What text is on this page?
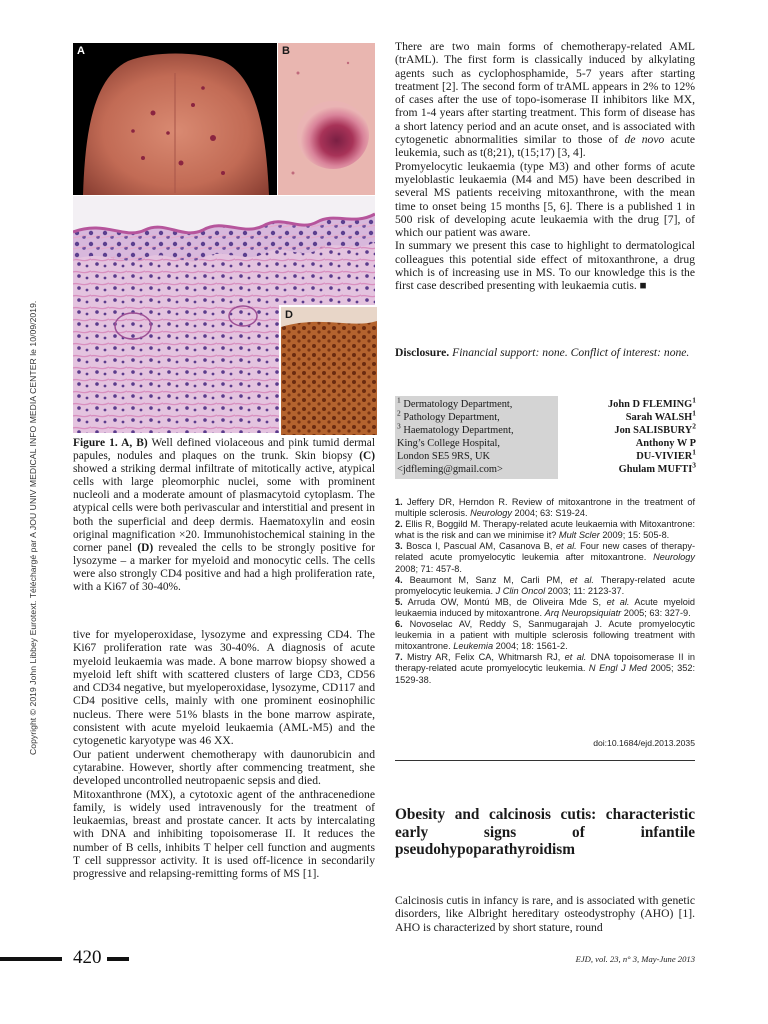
Copyright © 2019 John Libbey Eurotext. Téléchargé par A JOU UNIV MEDICAL INFO MEDIA CENTER le 10/09/2019.
A	B
D

Figure 1. A, B) Well defined violaceous and pink tumid dermal papules, nodules and plaques on the trunk. Skin biopsy (C) showed a striking dermal infiltrate of mitotically active, atypical cells with large pleomorphic nuclei, some with prominent nucleoli and a moderate amount of plasmacytoid cytoplasm. The atypical cells were both perivascular and interstitial and present in both the superficial and deep dermis. Haematoxylin and eosin original magnification ×20. Immunohistochemical staining in the corner panel (D) revealed the cells to be strongly positive for lysozyme – a marker for myeloid and monocytic cells. The cells were also strongly CD4 positive and had a high proliferation rate, with a Ki67 of 30-40%.

tive for myeloperoxidase, lysozyme and expressing CD4. The Ki67 proliferation rate was 30-40%. A diagnosis of acute myeloid leukaemia was made. A bone marrow biopsy showed a myeloid left shift with scattered clusters of large CD3, CD56 and CD34 negative, but myeloperoxidase, lysozyme, CD117 and CD4 positive cells, mainly with one prominent eosinophilic nucleus. There were 51% blasts in the bone marrow aspirate, consistent with acute myeloid leukaemia (AML-M5) and the cytogenetic karyotype was 46 XX.

Our patient underwent chemotherapy with daunorubicin and cytarabine. However, shortly after commencing treatment, she developed uncontrolled neutropaenic sepsis and died.

Mitoxanthrone (MX), a cytotoxic agent of the anthracenedione family, is widely used intravenously for the treatment of leukaemias, breast and prostate cancer. It acts by intercalating with DNA and inhibiting topoisomerase II. It reduces the number of B cells, inhibits T helper cell function and augments T cell suppressor activity. It is used off-licence in secondarily progressive and relapsing-remitting forms of MS [1].

There are two main forms of chemotherapy-related AML (trAML). The first form is classically induced by alkylating agents such as cyclophosphamide, 5-7 years after starting treatment [2]. The second form of trAML appears in 2% to 12% of cases after the use of topo-isomerase II inhibitors like MX, from 1-4 years after starting treatment. This form of disease has a short latency period and an acute onset, and is associated with cytogenetic abnormalities similar to those of de novo acute leukemia, such as t(8;21), t(15;17) [3, 4].

Promyelocytic leukaemia (type M3) and other forms of acute myeloblastic leukaemia (M4 and M5) have been described in several MS patients receiving mitoxanthrone, with the mean time to onset being 15 months [5, 6]. There is a published 1 in 500 risk of developing acute leukaemia with the drug [7], of which our patient was aware.

In summary we present this case to highlight to dermatological colleagues this potential side effect of mitoxanthrone, a drug which is of increasing use in MS. To our knowledge this is the first case described presenting with leukaemia cutis. ■

Disclosure. Financial support: none. Conflict of interest: none.

$^1$ Dermatology Department,
$^2$ Pathology Department,
$^3$ Haematology Department,
King’s College Hospital,
London SE5 9RS, UK
<jdfleming@gmail.com>
John D FLEMING$^1$
Sarah WALSH$^1$
Jon SALISBURY$^2$
Anthony W P
DU-VIVIER$^1$
Ghulam MUFTI$^3$

1. Jeffery DR, Herndon R. Review of mitoxantrone in the treatment of multiple sclerosis. Neurology 2004; 63: S19-24.

2. Ellis R, Boggild M. Therapy-related acute leukaemia with Mitoxantrone: what is the risk and can we minimise it? Mult Scler 2009; 15: 505-8.

3. Bosca I, Pascual AM, Casanova B, et al. Four new cases of therapy-related acute promyelocytic leukemia after mitoxantrone. Neurology 2008; 71: 457-8.

4. Beaumont M, Sanz M, Carli PM, et al. Therapy-related acute promyelocytic leukemia. J Clin Oncol 2003; 11: 2123-37.

5. Arruda OW, Montú MB, de Oliveira Mde S, et al. Acute myeloid leukaemia induced by mitoxantrone. Arq Neuropsiquiatr 2005; 63: 327-9.

6. Novoselac AV, Reddy S, Sanmugarajah J. Acute promyelocytic leukemia in a patient with multiple sclerosis following treatment with mitoxantrone. Leukemia 2004; 18: 1561-2.

7. Mistry AR, Felix CA, Whitmarsh RJ, et al. DNA topoisomerase II in therapy-related acute promyelocytic leukemia. N Engl J Med 2005; 352: 1529-38.

doi:10.1684/ejd.2013.2035
Obesity and calcinosis cutis: characteristic early signs of infantile pseudohypoparathyroidism

Calcinosis cutis in infancy is rare, and is associated with genetic disorders, like Albright hereditary osteodystrophy (AHO) [1]. AHO is characterized by short stature, round

420	EJD, vol. 23, n° 3, May-June 2013
